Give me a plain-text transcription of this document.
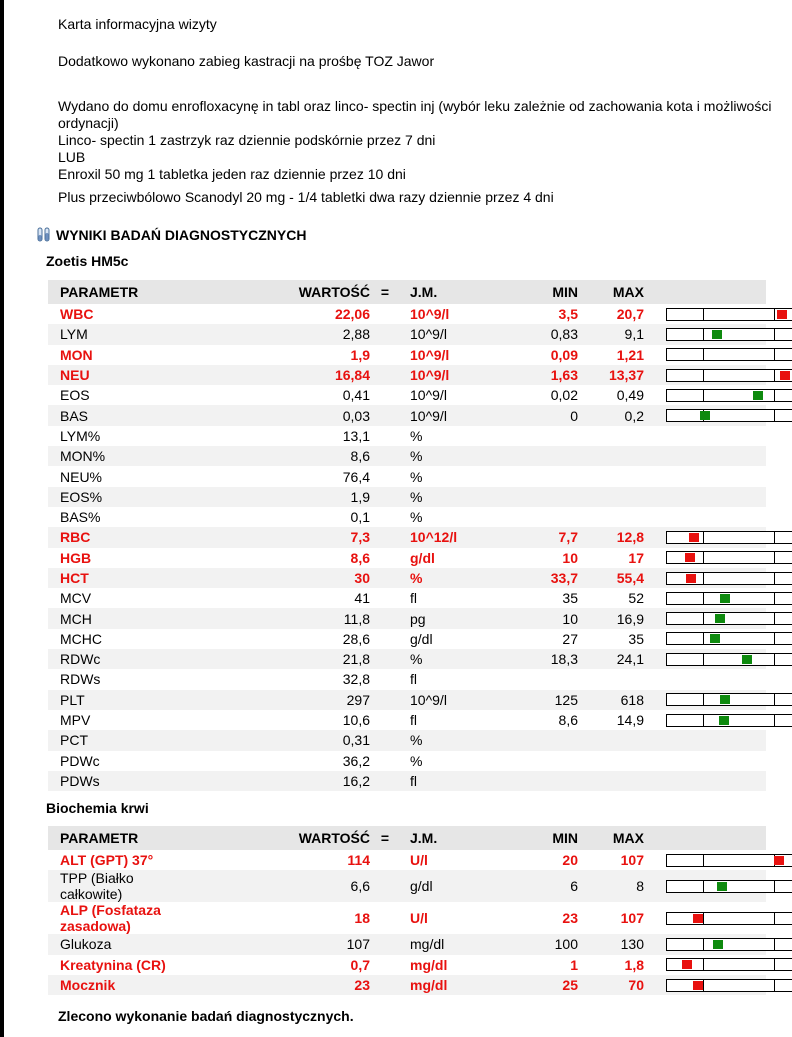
Karta informacyjna wizyty
Dodatkowo wykonano zabieg kastracji na prośbę TOZ Jawor
Wydano do domu enrofloxacynę in tabl oraz linco- spectin inj (wybór leku zależnie od zachowania kota i możliwości
ordynacji)
Linco- spectin 1 zastrzyk raz dziennie podskórnie przez 7 dni
LUB
Enroxil 50 mg 1 tabletka jeden raz dziennie przez 10 dni
Plus przeciwbólowo Scanodyl 20 mg - 1/4 tabletki dwa razy dziennie przez 4 dni
WYNIKI BADAŃ DIAGNOSTYCZNYCH
Zoetis HM5c
PARAMETR	WARTOŚĆ	=	J.M.	MIN	MAX	
WBC	22,06		10^9/l	3,5	20,7	

LYM	2,88		10^9/l	0,83	9,1	

MON	1,9		10^9/l	0,09	1,21	

NEU	16,84		10^9/l	1,63	13,37	

EOS	0,41		10^9/l	0,02	0,49	

BAS	0,03		10^9/l	0	0,2	

LYM%	13,1		%			
MON%	8,6		%			
NEU%	76,4		%			
EOS%	1,9		%			
BAS%	0,1		%			
RBC	7,3		10^12/l	7,7	12,8	

HGB	8,6		g/dl	10	17	

HCT	30		%	33,7	55,4	

MCV	41		fl	35	52	

MCH	11,8		pg	10	16,9	

MCHC	28,6		g/dl	27	35	

RDWc	21,8		%	18,3	24,1	

RDWs	32,8		fl			
PLT	297		10^9/l	125	618	

MPV	10,6		fl	8,6	14,9	

PCT	0,31		%			
PDWc	36,2		%			
PDWs	16,2		fl			
Biochemia krwi
PARAMETR	WARTOŚĆ	=	J.M.	MIN	MAX	
ALT (GPT) 37°	114		U/l	20	107	

TPP (Białko całkowite)	6,6		g/dl	6	8	

ALP (Fosfataza zasadowa)	18		U/l	23	107	

Glukoza	107		mg/dl	100	130	

Kreatynina (CR)	0,7		mg/dl	1	1,8	

Mocznik	23		mg/dl	25	70	
Zlecono wykonanie badań diagnostycznych.
